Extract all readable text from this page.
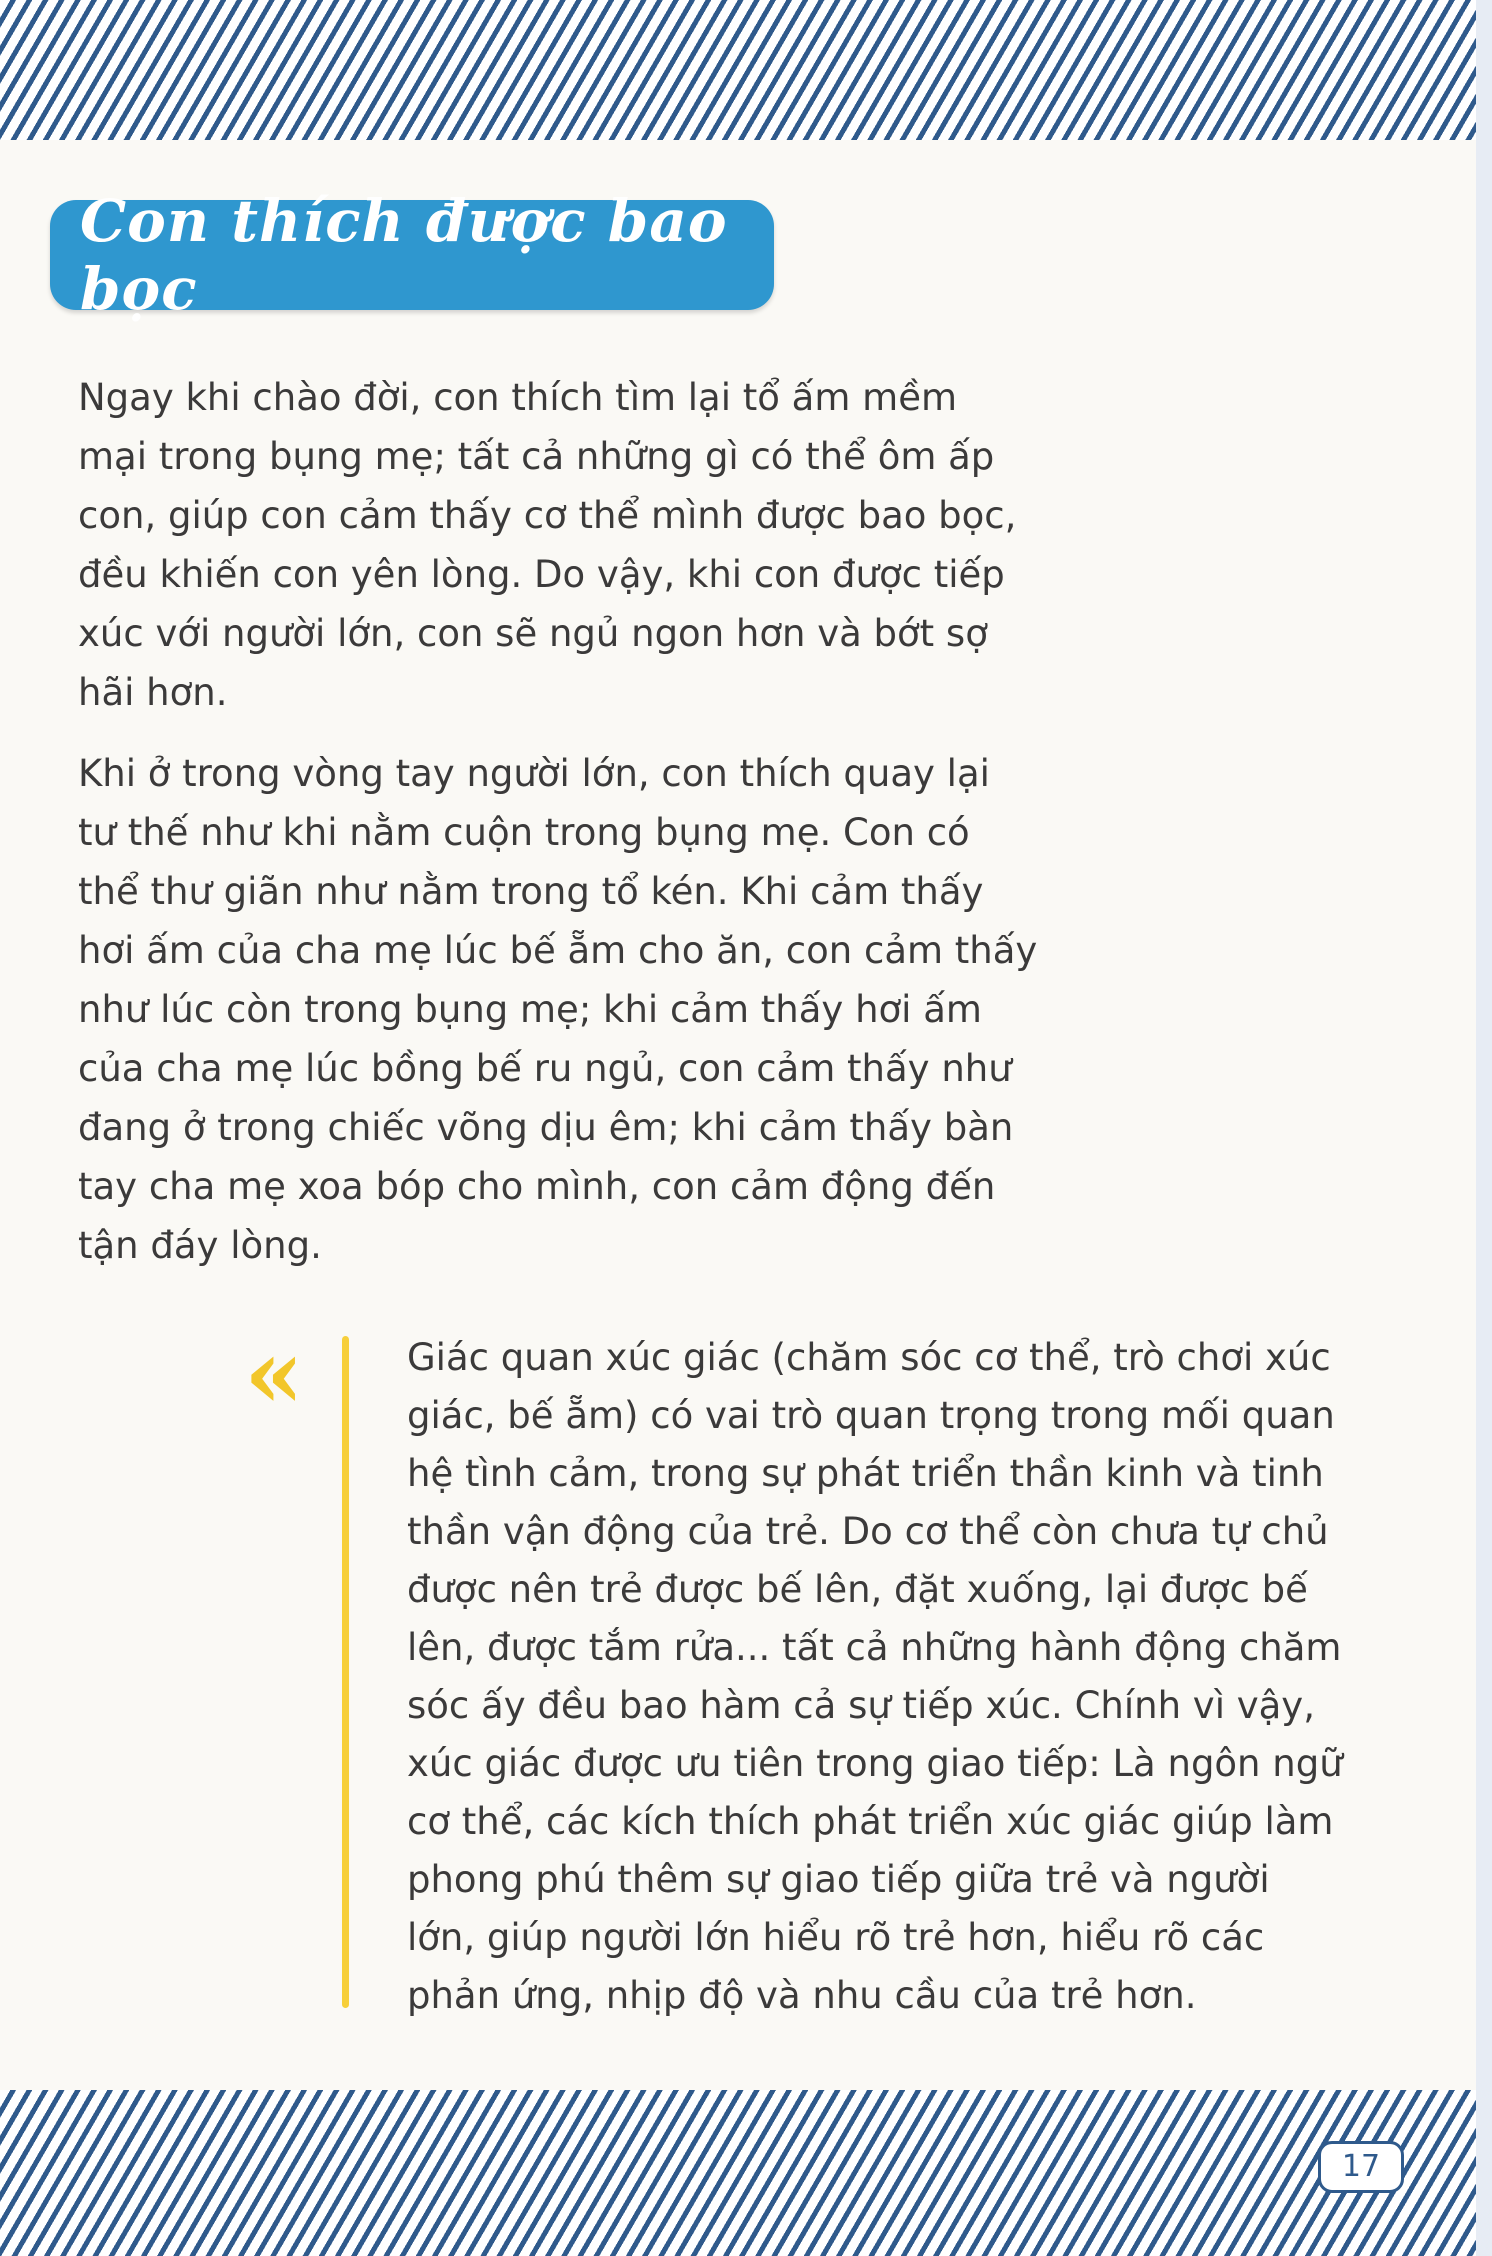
Con thích được bao bọc
Ngay khi chào đời, con thích tìm lại tổ ấm mềm
mại trong bụng mẹ; tất cả những gì có thể ôm ấp
con, giúp con cảm thấy cơ thể mình được bao bọc,
đều khiến con yên lòng. Do vậy, khi con được tiếp
xúc với người lớn, con sẽ ngủ ngon hơn và bớt sợ
hãi hơn.
Khi ở trong vòng tay người lớn, con thích quay lại
tư thế như khi nằm cuộn trong bụng mẹ. Con có
thể thư giãn như nằm trong tổ kén. Khi cảm thấy
hơi ấm của cha mẹ lúc bế ẵm cho ăn, con cảm thấy
như lúc còn trong bụng mẹ; khi cảm thấy hơi ấm
của cha mẹ lúc bồng bế ru ngủ, con cảm thấy như
đang ở trong chiếc võng dịu êm; khi cảm thấy bàn
tay cha mẹ xoa bóp cho mình, con cảm động đến
tận đáy lòng.
«	Giác quan xúc giác (chăm sóc cơ thể, trò chơi xúc
giác, bế ẵm) có vai trò quan trọng trong mối quan
hệ tình cảm, trong sự phát triển thần kinh và tinh
thần vận động của trẻ. Do cơ thể còn chưa tự chủ
được nên trẻ được bế lên, đặt xuống, lại được bế
lên, được tắm rửa... tất cả những hành động chăm
sóc ấy đều bao hàm cả sự tiếp xúc. Chính vì vậy,
xúc giác được ưu tiên trong giao tiếp: Là ngôn ngữ
cơ thể, các kích thích phát triển xúc giác giúp làm
phong phú thêm sự giao tiếp giữa trẻ và người
lớn, giúp người lớn hiểu rõ trẻ hơn, hiểu rõ các
phản ứng, nhịp độ và nhu cầu của trẻ hơn.
17
